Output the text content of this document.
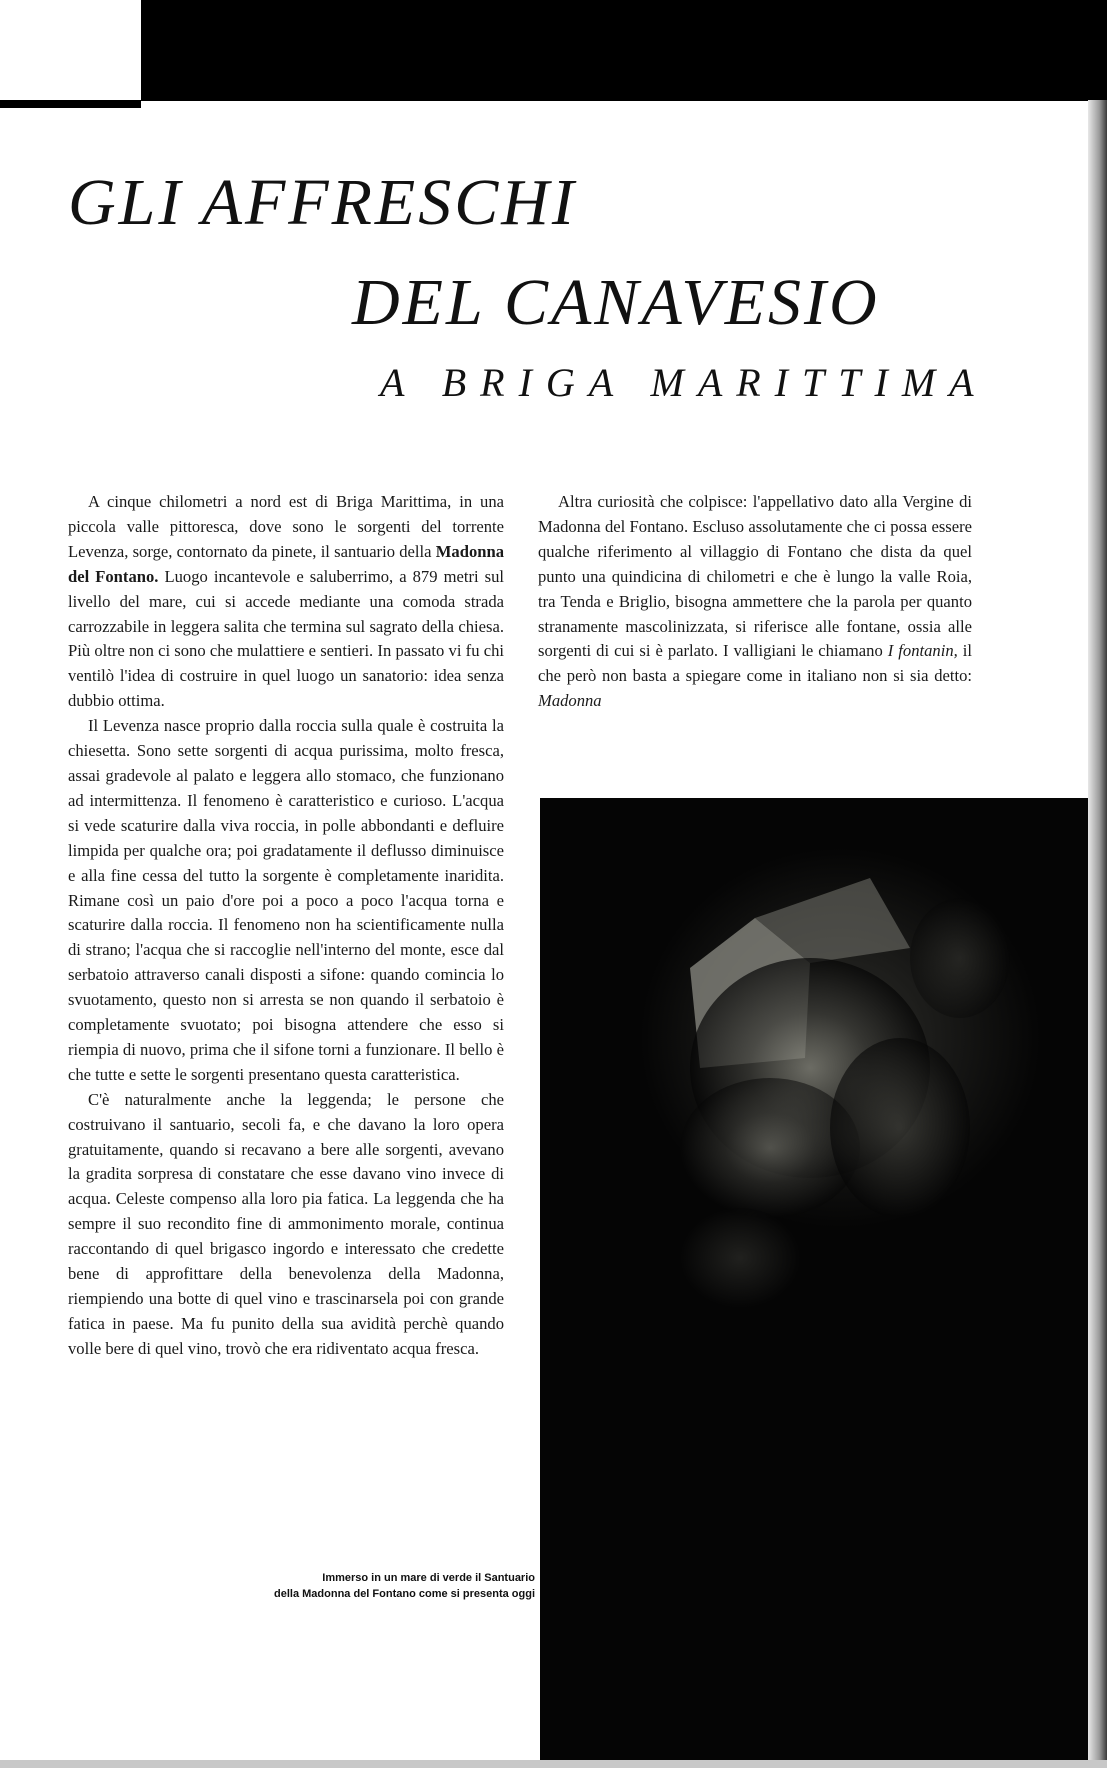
GLI AFFRESCHI
DEL CANAVESIO
A BRIGA MARITTIMA

A cinque chilometri a nord est di Briga Marittima, in una piccola valle pittoresca, dove sono le sorgenti del torrente Levenza, sorge, contornato da pinete, il santuario della Madonna del Fontano. Luogo incantevole e saluberrimo, a 879 metri sul livello del mare, cui si accede mediante una comoda strada carrozzabile in leggera salita che termina sul sagrato della chiesa. Più oltre non ci sono che mulattiere e sentieri. In passato vi fu chi ventilò l'idea di costruire in quel luogo un sanatorio: idea senza dubbio ottima.

Il Levenza nasce proprio dalla roccia sulla quale è costruita la chiesetta. Sono sette sorgenti di acqua purissima, molto fresca, assai gradevole al palato e leggera allo stomaco, che funzionano ad intermittenza. Il fenomeno è caratteristico e curioso. L'acqua si vede scaturire dalla viva roccia, in polle abbondanti e defluire limpida per qualche ora; poi gradatamente il deflusso diminuisce e alla fine cessa del tutto la sorgente è completamente inaridita. Rimane così un paio d'ore poi a poco a poco l'acqua torna e scaturire dalla roccia. Il fenomeno non ha scientificamente nulla di strano; l'acqua che si raccoglie nell'interno del monte, esce dal serbatoio attraverso canali disposti a sifone: quando comincia lo svuotamento, questo non si arresta se non quando il serbatoio è completamente svuotato; poi bisogna attendere che esso si riempia di nuovo, prima che il sifone torni a funzionare. Il bello è che tutte e sette le sorgenti presentano questa caratteristica.

C'è naturalmente anche la leggenda; le persone che costruivano il santuario, secoli fa, e che davano la loro opera gratuitamente, quando si recavano a bere alle sorgenti, avevano la gradita sorpresa di constatare che esse davano vino invece di acqua. Celeste compenso alla loro pia fatica. La leggenda che ha sempre il suo recondito fine di ammonimento morale, continua raccontando di quel brigasco ingordo e interessato che credette bene di approfittare della benevolenza della Madonna, riempiendo una botte di quel vino e trascinarsela poi con grande fatica in paese. Ma fu punito della sua avidità perchè quando volle bere di quel vino, trovò che era ridiventato acqua fresca.

Altra curiosità che colpisce: l'appellativo dato alla Vergine di Madonna del Fontano. Escluso assolutamente che ci possa essere qualche riferimento al villaggio di Fontano che dista da quel punto una quindicina di chilometri e che è lungo la valle Roia, tra Tenda e Briglio, bisogna ammettere che la parola per quanto stranamente mascolinizzata, si riferisce alle fontane, ossia alle sorgenti di cui si è parlato. I valligiani le chiamano I fontanin, il che però non basta a spiegare come in italiano non si sia detto: Madonna

Immerso in un mare di verde il Santuario
della Madonna del Fontano come si presenta oggi
